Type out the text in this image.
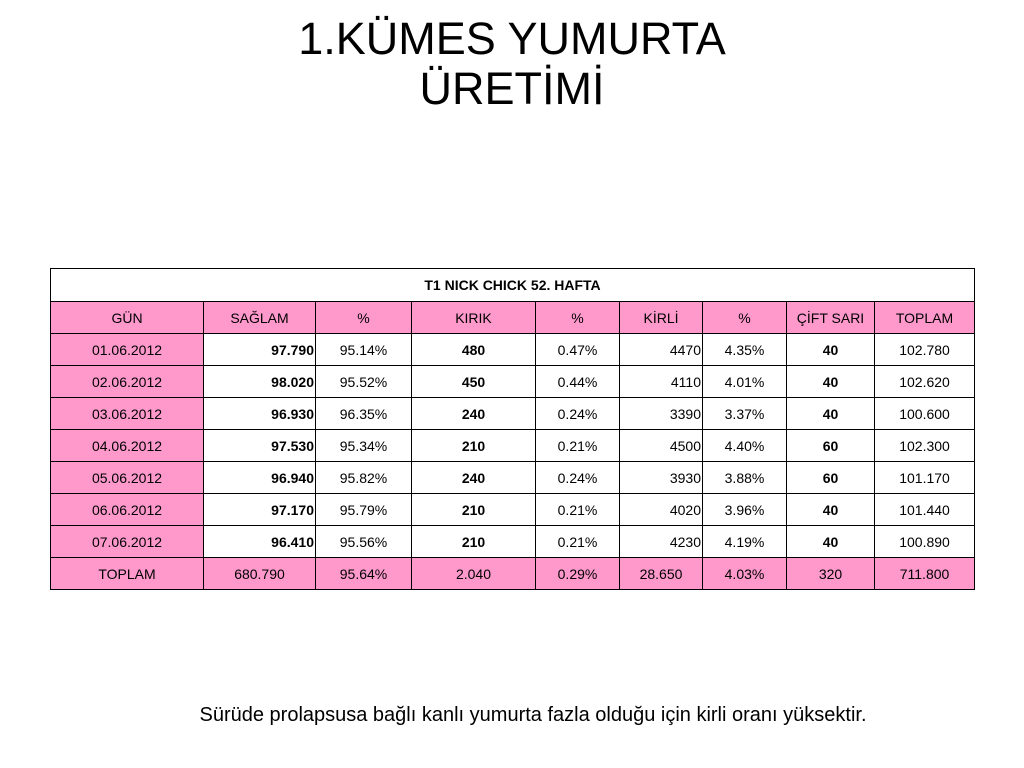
1.KÜMES YUMURTA
ÜRETİMİ
T1 NICK CHICK 52. HAFTA								
GÜN	SAĞLAM	%	KIRIK	%	KİRLİ	%	ÇİFT SARI	TOPLAM
01.06.2012	97.790	95.14%	480	0.47%	4470	4.35%	40	102.780
02.06.2012	98.020	95.52%	450	0.44%	4110	4.01%	40	102.620
03.06.2012	96.930	96.35%	240	0.24%	3390	3.37%	40	100.600
04.06.2012	97.530	95.34%	210	0.21%	4500	4.40%	60	102.300
05.06.2012	96.940	95.82%	240	0.24%	3930	3.88%	60	101.170
06.06.2012	97.170	95.79%	210	0.21%	4020	3.96%	40	101.440
07.06.2012	96.410	95.56%	210	0.21%	4230	4.19%	40	100.890
TOPLAM	680.790	95.64%	2.040	0.29%	28.650	4.03%	320	711.800

Sürüde prolapsusa bağlı kanlı yumurta fazla olduğu için kirli oranı yüksektir.
